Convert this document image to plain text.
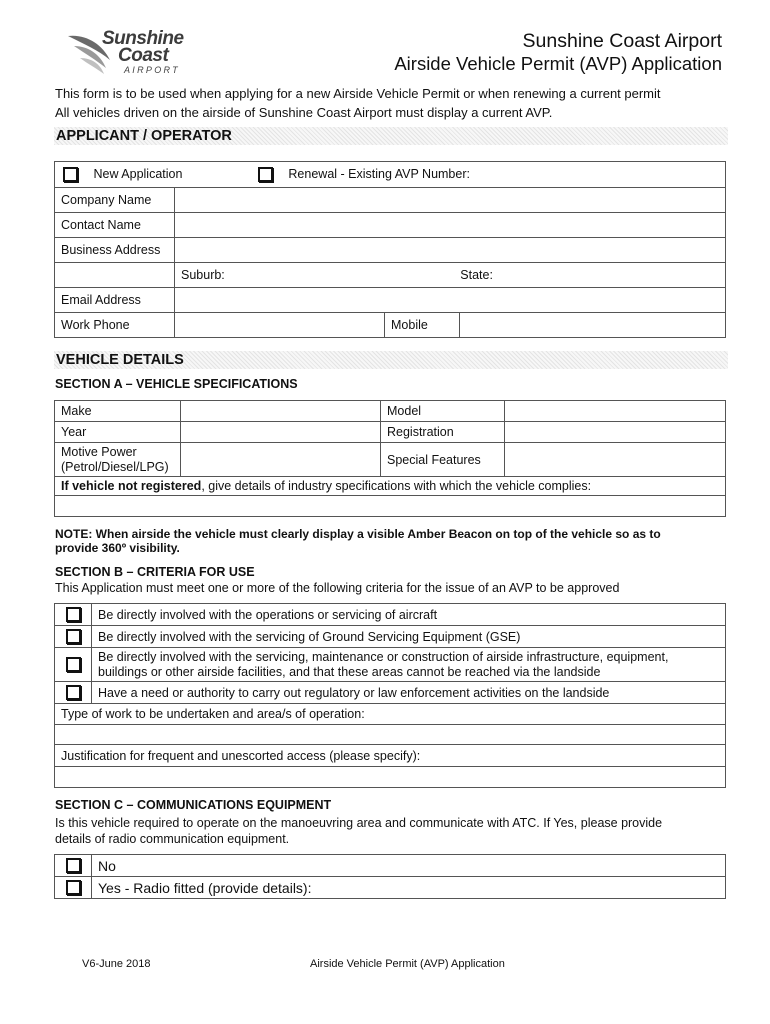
Sunshine
Coast
AIRPORT
Sunshine Coast Airport
Airside Vehicle Permit (AVP) Application
This form is to be used when applying for a new Airside Vehicle Permit or when renewing a current permit
All vehicles driven on the airside of Sunshine Coast Airport must display a current AVP.
APPLICANT / OPERATOR
New Application Renewal - Existing AVP Number:			
Company Name			
Contact Name			
Business Address			
	Suburb: State:		
Email Address			
Work Phone		Mobile	
VEHICLE DETAILS
SECTION A – VEHICLE SPECIFICATIONS
Make		Model	
Year		Registration	

Motive Power
(Petrol/Diesel/LPG)		Special Features	
If vehicle not registered, give details of industry specifications with which the vehicle complies:			

NOTE: When airside the vehicle must clearly display a visible Amber Beacon on top of the vehicle so as to
provide 360º visibility.
SECTION B – CRITERIA FOR USE
This Application must meet one or more of the following criteria for the issue of an AVP to be approved
	Be directly involved with the operations or servicing of aircraft
	Be directly involved with the servicing of Ground Servicing Equipment (GSE)

	Be directly involved with the servicing, maintenance or construction of airside infrastructure, equipment,
buildings or other airside facilities, and that these areas cannot be reached via the landside

	Have a need or authority to carry out regulatory or law enforcement activities on the landside
Type of work to be undertaken and area/s of operation:	

Justification for frequent and unescorted access (please specify):	

SECTION C – COMMUNICATIONS EQUIPMENT
Is this vehicle required to operate on the manoeuvring area and communicate with ATC. If Yes, please provide
details of radio communication equipment.
	No
	Yes - Radio fitted (provide details):
V6-June 2018	Airside Vehicle Permit (AVP) Application
